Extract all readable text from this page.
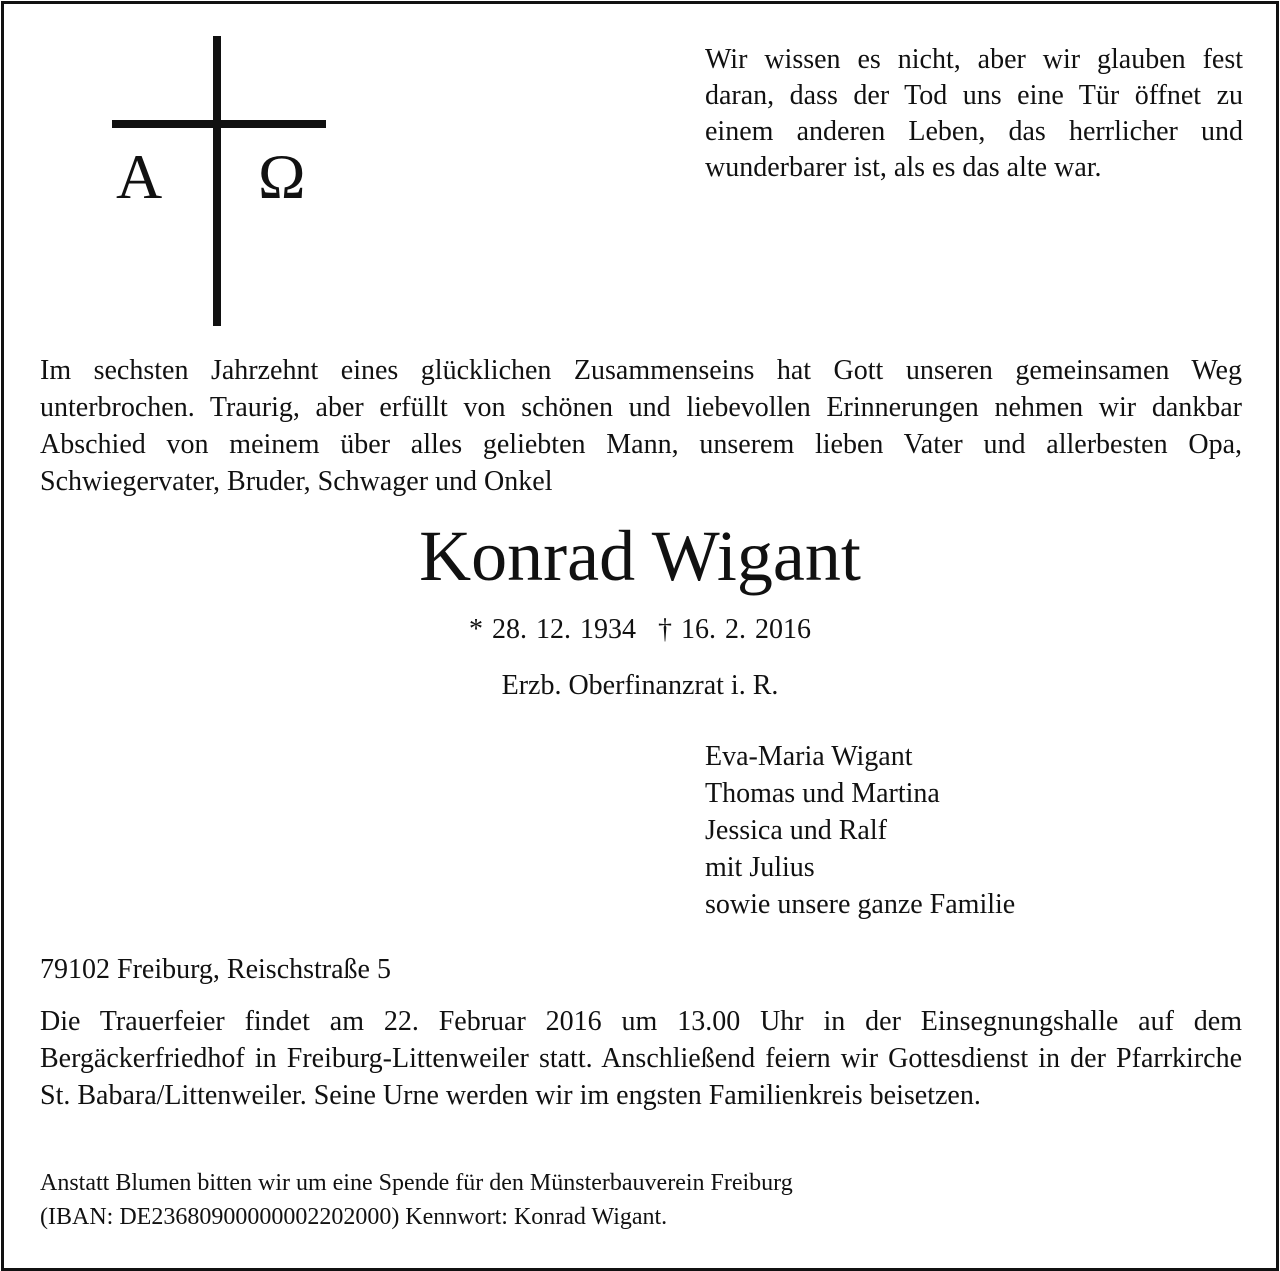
A Ω
Wir wissen es nicht, aber wir glauben fest daran, dass der Tod uns eine Tür öffnet zu einem anderen Leben, das herrlicher und wunderbarer ist, als es das alte war.
Im sechsten Jahrzehnt eines glücklichen Zusammenseins hat Gott unseren gemeinsamen Weg unterbrochen. Traurig, aber erfüllt von schönen und liebevollen Erinnerungen nehmen wir dankbar Abschied von meinem über alles geliebten Mann, unserem lieben Vater und allerbesten Opa, Schwiegervater, Bruder, Schwager und Onkel
Konrad Wigant
* 28. 12. 1934 † 16. 2. 2016
Erzb. Oberfinanzrat i. R.
Eva-Maria Wigant
Thomas und Martina
Jessica und Ralf
mit Julius
sowie unsere ganze Familie
79102 Freiburg, Reischstraße 5
Die Trauerfeier findet am 22. Februar 2016 um 13.00 Uhr in der Einsegnungshalle auf dem Bergäckerfriedhof in Freiburg-Littenweiler statt. Anschließend feiern wir Gottesdienst in der Pfarrkirche St. Babara/Littenweiler. Seine Urne werden wir im engsten Familienkreis beisetzen.
Anstatt Blumen bitten wir um eine Spende für den Münsterbauverein Freiburg
(IBAN: DE23680900000002202000) Kennwort: Konrad Wigant.
